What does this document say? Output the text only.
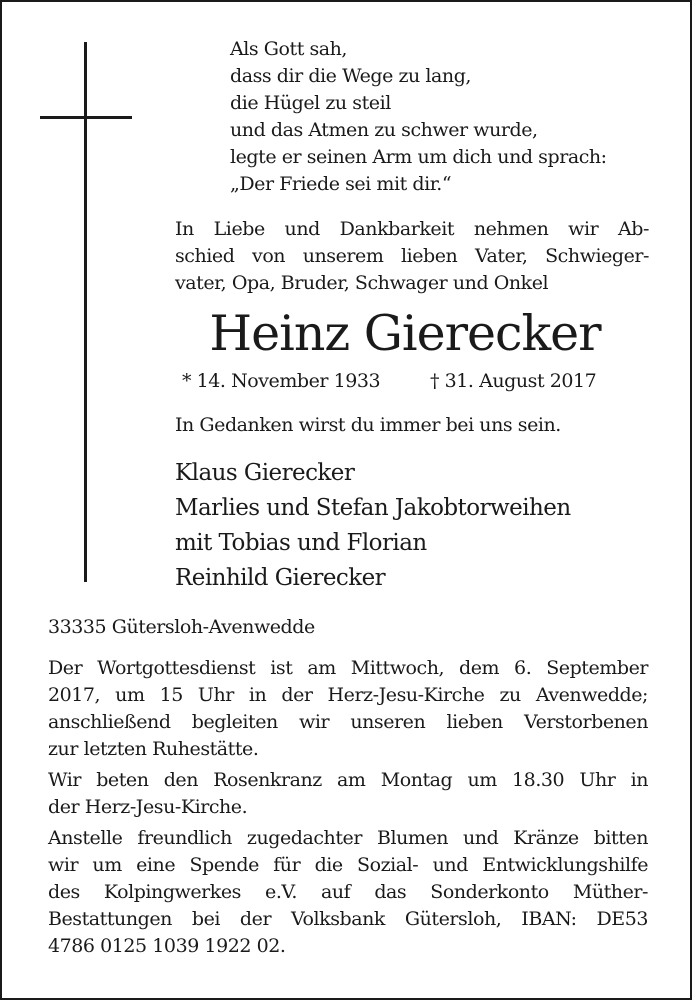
Als Gott sah,
dass dir die Wege zu lang,
die Hügel zu steil
und das Atmen zu schwer wurde,
legte er seinen Arm um dich und sprach:
„Der Friede sei mit dir.“
In Liebe und Dankbarkeit nehmen wir Ab-
schied von unserem lieben Vater, Schwieger-
vater, Opa, Bruder, Schwager und Onkel
Heinz Gierecker
* 14. November 1933	† 31. August 2017
In Gedanken wirst du immer bei uns sein.
Klaus Gierecker
Marlies und Stefan Jakobtorweihen
mit Tobias und Florian
Reinhild Gierecker
33335 Gütersloh-Avenwedde
Der Wortgottesdienst ist am Mittwoch, dem 6. September
2017, um 15 Uhr in der Herz-Jesu-Kirche zu Avenwedde;
anschließend begleiten wir unseren lieben Verstorbenen
zur letzten Ruhestätte.
Wir beten den Rosenkranz am Montag um 18.30 Uhr in
der Herz-Jesu-Kirche.
Anstelle freundlich zugedachter Blumen und Kränze bitten
wir um eine Spende für die Sozial- und Entwicklungshilfe
des Kolpingwerkes e.V. auf das Sonderkonto Müther-
Bestattungen bei der Volksbank Gütersloh, IBAN: DE53
4786 0125 1039 1922 02.
